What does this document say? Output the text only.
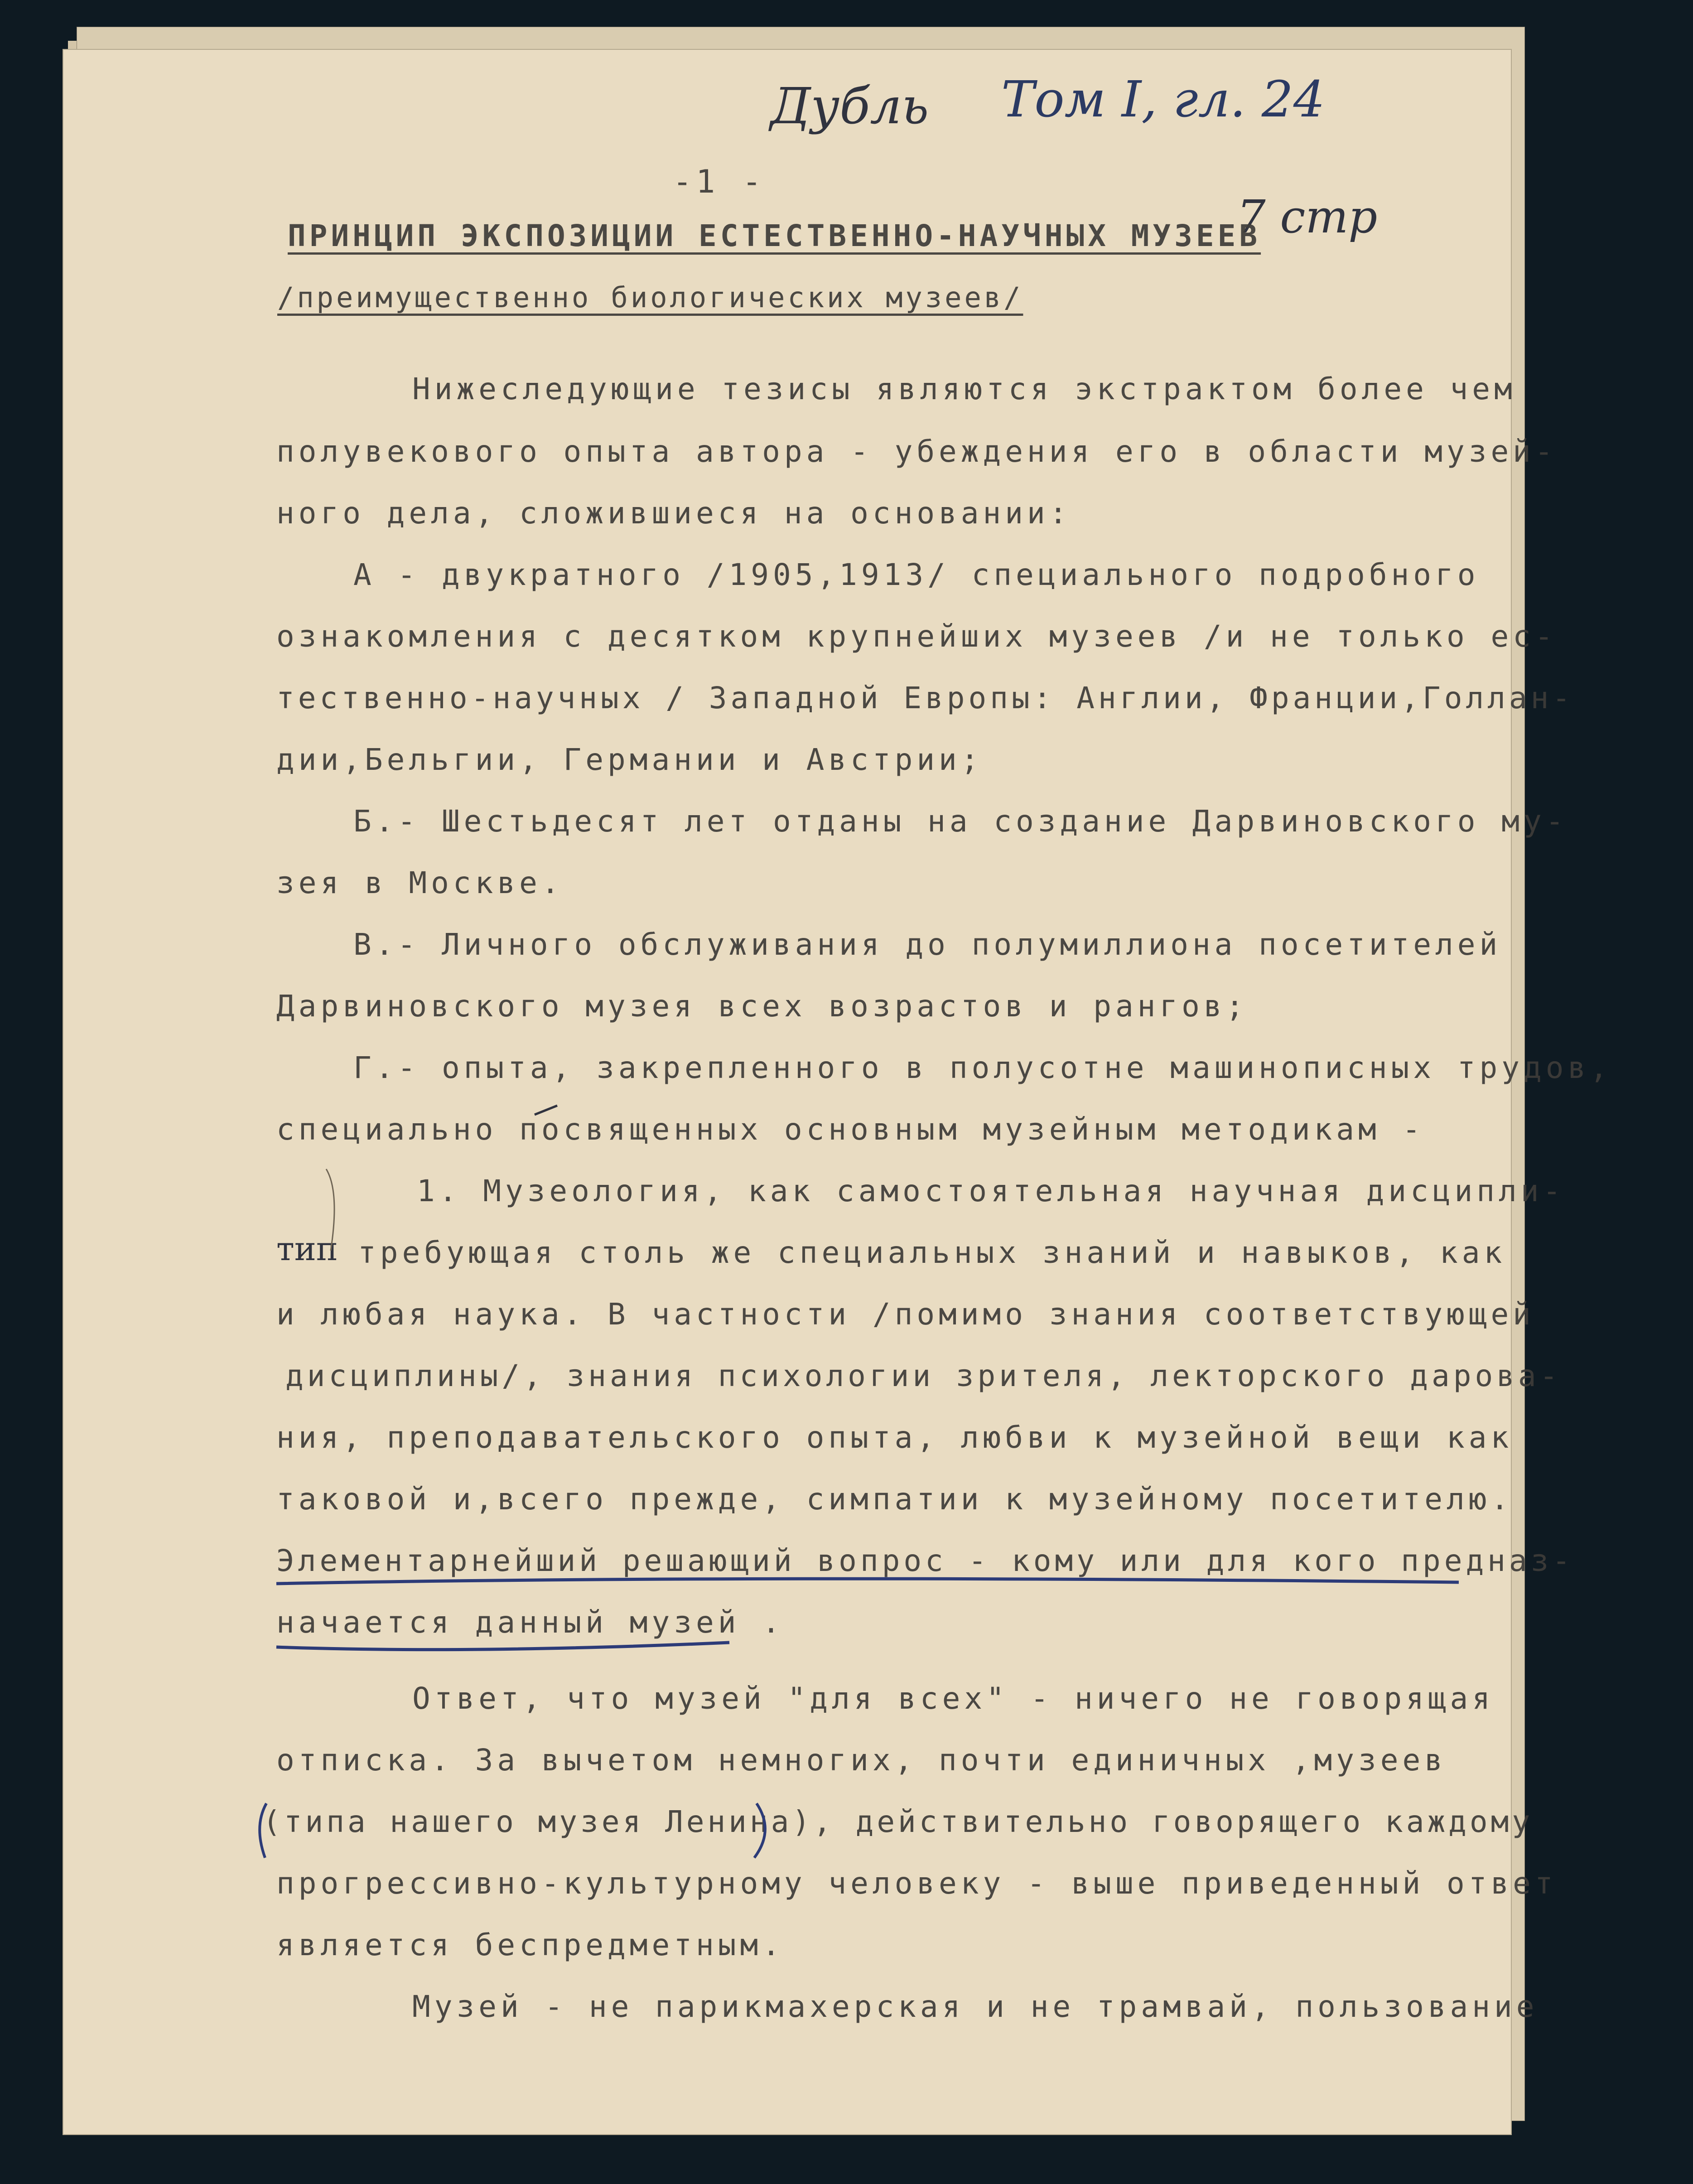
Дубль Том I, гл. 24
7 стр
-1 -
ПРИНЦИП ЭКСПОЗИЦИИ ЕСТЕСТВЕННО-НАУЧНЫХ МУЗЕЕВ
/преимущественно биологических музеев/
Нижеследующие тезисы являются экстрактом более чем
полувекового опыта автора - убеждения его в области музей-
ного дела, сложившиеся на основании:
А - двукратного /1905,1913/ специального подробного
ознакомления с десятком крупнейших музеев /и не только ес-
тественно-научных / Западной Европы: Англии, Франции,Голлан-
дии,Бельгии, Германии и Австрии;
Б.- Шестьдесят лет отданы на создание Дарвиновского му-
зея в Москве.
В.- Личного обслуживания до полумиллиона посетителей
Дарвиновского музея всех возрастов и рангов;
Г.- опыта, закрепленного в полусотне машинописных трудов,
специально посвященных основным музейным методикам -
1. Музеология, как самостоятельная научная дисципли-
тип требующая столь же специальных знаний и навыков, как
и любая наука. В частности /помимо знания соответствующей
дисциплины/, знания психологии зрителя, лекторского дарова-
ния, преподавательского опыта, любви к музейной вещи как
таковой и,всего прежде, симпатии к музейному посетителю.
Элементарнейший решающий вопрос - кому или для кого предназ-
начается данный музей .
Ответ, что музей "для всех" - ничего не говорящая
отписка. За вычетом немногих, почти единичных ,музеев
(типа нашего музея Ленина), действительно говорящего каждому
прогрессивно-культурному человеку - выше приведенный ответ
является беспредметным.
Музей - не парикмахерская и не трамвай, пользование
